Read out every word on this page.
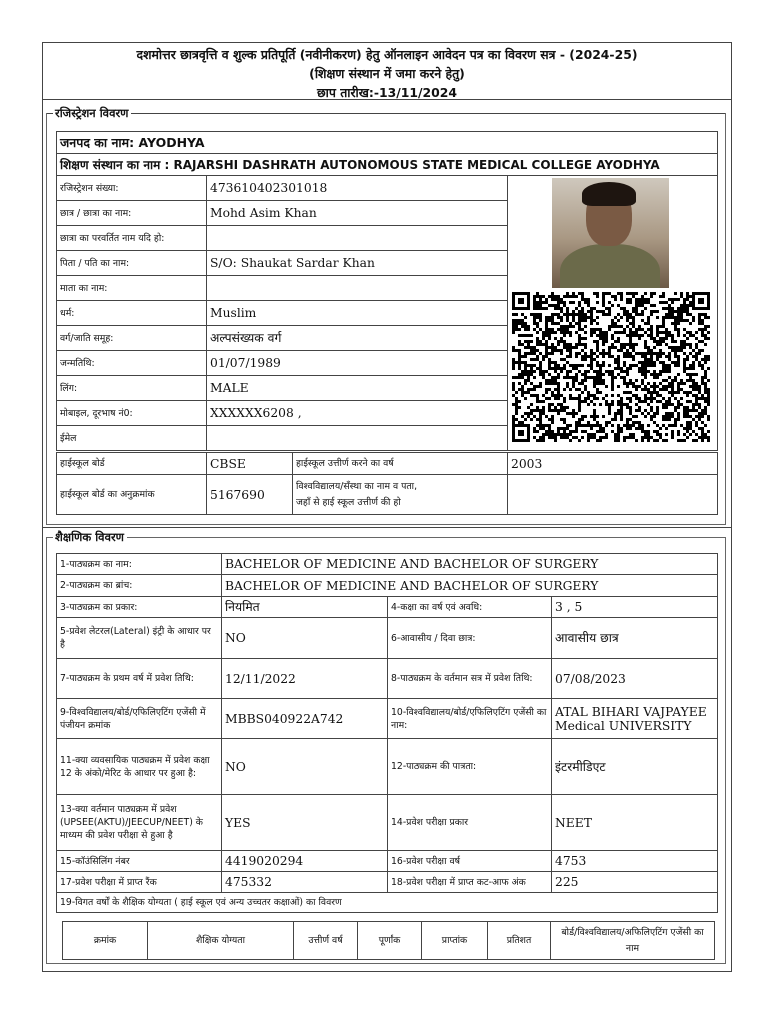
दशमोत्तर छात्रवृत्ति व शुल्क प्रतिपूर्ति (नवीनीकरण) हेतु ऑनलाइन आवेदन पत्र का विवरण सत्र - (2024-25)
(शिक्षण संस्थान में जमा करने हेतु)
छाप तारीख:-13/11/2024
रजिस्ट्रेशन विवरण
जनपद का नाम: AYODHYA		
शिक्षण संस्थान का नाम : RAJARSHI DASHRATH AUTONOMOUS STATE MEDICAL COLLEGE AYODHYA		
रजिस्ट्रेशन संख्या:	473610402301018	
छात्र / छात्रा का नाम:	Mohd Asim Khan	
छात्रा का परवर्तित नाम यदि हो:		
पिता / पति का नाम:	S/O: Shaukat Sardar Khan	
माता का नाम:		
धर्म:	Muslim	
वर्ग/जाति समूह:	अल्पसंख्यक वर्ग	
जन्मतिथि:	01/07/1989	
लिंग:	MALE	
मोबाइल, दूरभाष नं0:	XXXXXX6208 ,	
ईमेल		
हाईस्कूल बोर्ड	CBSE	हाईस्कूल उत्तीर्ण करने का वर्ष	2003
हाईस्कूल बोर्ड का अनुक्रमांक	5167690	विश्वविद्यालय/सँस्था का नाम व पता,
जहाँ से हाई स्कूल उत्तीर्ण की हो	

शैक्षणिक विवरण
1-पाठ्यक्रम का नाम:	BACHELOR OF MEDICINE AND BACHELOR OF SURGERY		
2-पाठ्यक्रम का ब्रांच:	BACHELOR OF MEDICINE AND BACHELOR OF SURGERY		
3-पाठ्यक्रम का प्रकार:	नियमित	4-कक्षा का वर्ष एवं अवधि:	3 , 5
5-प्रवेश लेटरल(Lateral) इंट्री के आधार पर है	NO	6-आवासीय / दिवा छात्र:	आवासीय छात्र
7-पाठ्यक्रम के प्रथम वर्ष में प्रवेश तिथि:	12/11/2022	8-पाठ्यक्रम के वर्तमान सत्र में प्रवेश तिथि:	07/08/2023
9-विश्वविद्यालय/बोर्ड/एफिलिएटिंग एजेंसी में पंजीयन क्रमांक	MBBS040922A742	10-विश्वविद्यालय/बोर्ड/एफिलिएटिंग एजेंसी का नाम:	ATAL BIHARI VAJPAYEE Medical UNIVERSITY
11-क्या व्यवसायिक पाठ्यक्रम में प्रवेश कक्षा 12 के अंको/मेरिट के आधार पर हुआ है:	NO	12-पाठ्यक्रम की पात्रता:	इंटरमीडिएट
13-क्या वर्तमान पाठ्यक्रम में प्रवेश (UPSEE(AKTU)/JEECUP/NEET) के माध्यम की प्रवेश परीक्षा से हुआ है	YES	14-प्रवेश परीक्षा प्रकार	NEET
15-कॉउंसिलिंग नंबर	4419020294	16-प्रवेश परीक्षा वर्ष	4753
17-प्रवेश परीक्षा में प्राप्त रैंक	475332	18-प्रवेश परीक्षा में प्राप्त कट-आफ अंक	225
19-विगत वर्षों के शैक्षिक योग्यता ( हाई स्कूल एवं अन्य उच्चतर कक्षाओं) का विवरण			
क्रमांक	शैक्षिक योग्यता	उत्तीर्ण वर्ष	पूर्णांक	प्राप्तांक	प्रतिशत	बोर्ड/विश्वविद्यालय/अफिलिएटिंग एजेंसी का नाम
